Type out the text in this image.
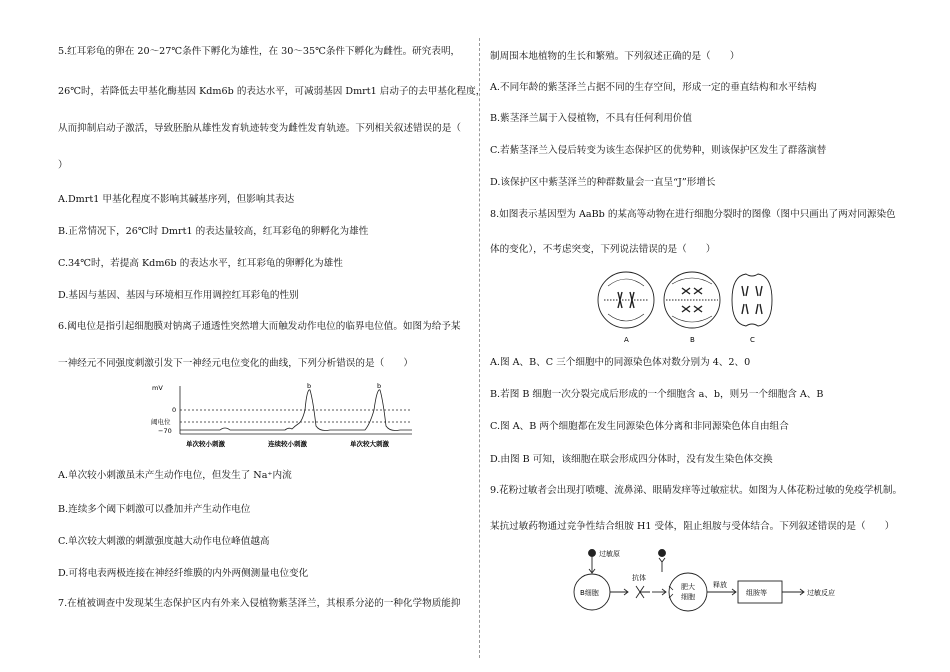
5.红耳彩龟的卵在 20～27℃条件下孵化为雄性，在 30～35℃条件下孵化为雌性。研究表明，
26℃时，若降低去甲基化酶基因 Kdm6b 的表达水平，可减弱基因 Dmrt1 启动子的去甲基化程度，
从而抑制启动子激活，导致胚胎从雄性发育轨迹转变为雌性发育轨迹。下列相关叙述错误的是（
）
A.Dmrt1 甲基化程度不影响其碱基序列，但影响其表达
B.正常情况下，26℃时 Dmrt1 的表达量较高，红耳彩龟的卵孵化为雄性
C.34℃时，若提高 Kdm6b 的表达水平，红耳彩龟的卵孵化为雄性
D.基因与基因、基因与环境相互作用调控红耳彩龟的性别
6.阈电位是指引起细胞膜对钠离子通透性突然增大而触发动作电位的临界电位值。如图为给予某
一神经元不同强度刺激引发下一神经元电位变化的曲线，下列分析错误的是（　　）
mV
0
阈电位
−70
b	b
单次较小刺激	连续较小刺激	单次较大刺激
A.单次较小刺激虽未产生动作电位，但发生了 Na⁺内流
B.连续多个阈下刺激可以叠加并产生动作电位
C.单次较大刺激的刺激强度越大动作电位峰值越高
D.可将电表两极连接在神经纤维膜的内外两侧测量电位变化
7.在植被调查中发现某生态保护区内有外来入侵植物紫茎泽兰，其根系分泌的一种化学物质能抑
制周围本地植物的生长和繁殖。下列叙述正确的是（　　）
A.不同年龄的紫茎泽兰占据不同的生存空间，形成一定的垂直结构和水平结构
B.紫茎泽兰属于入侵植物，不具有任何利用价值
C.若紫茎泽兰入侵后转变为该生态保护区的优势种，则该保护区发生了群落演替
D.该保护区中紫茎泽兰的种群数量会一直呈“J”形增长
8.如图表示基因型为 AaBb 的某高等动物在进行细胞分裂时的图像（图中只画出了两对同源染色
体的变化），不考虑突变，下列说法错误的是（　　）
A	B	C
A.图 A、B、C 三个细胞中的同源染色体对数分别为 4、2、0
B.若图 B 细胞一次分裂完成后形成的一个细胞含 a、b，则另一个细胞含 A、B
C.图 A、B 两个细胞都在发生同源染色体分离和非同源染色体自由组合
D.由图 B 可知，该细胞在联会形成四分体时，没有发生染色体交换
9.花粉过敏者会出现打喷嚏、流鼻涕、眼睛发痒等过敏症状。如图为人体花粉过敏的免疫学机制。
某抗过敏药物通过竞争性结合组胺 H1 受体，阻止组胺与受体结合。下列叙述错误的是（　　）
过敏原
B细胞
抗体
肥大
细胞
释放
组胺等	过敏反应
